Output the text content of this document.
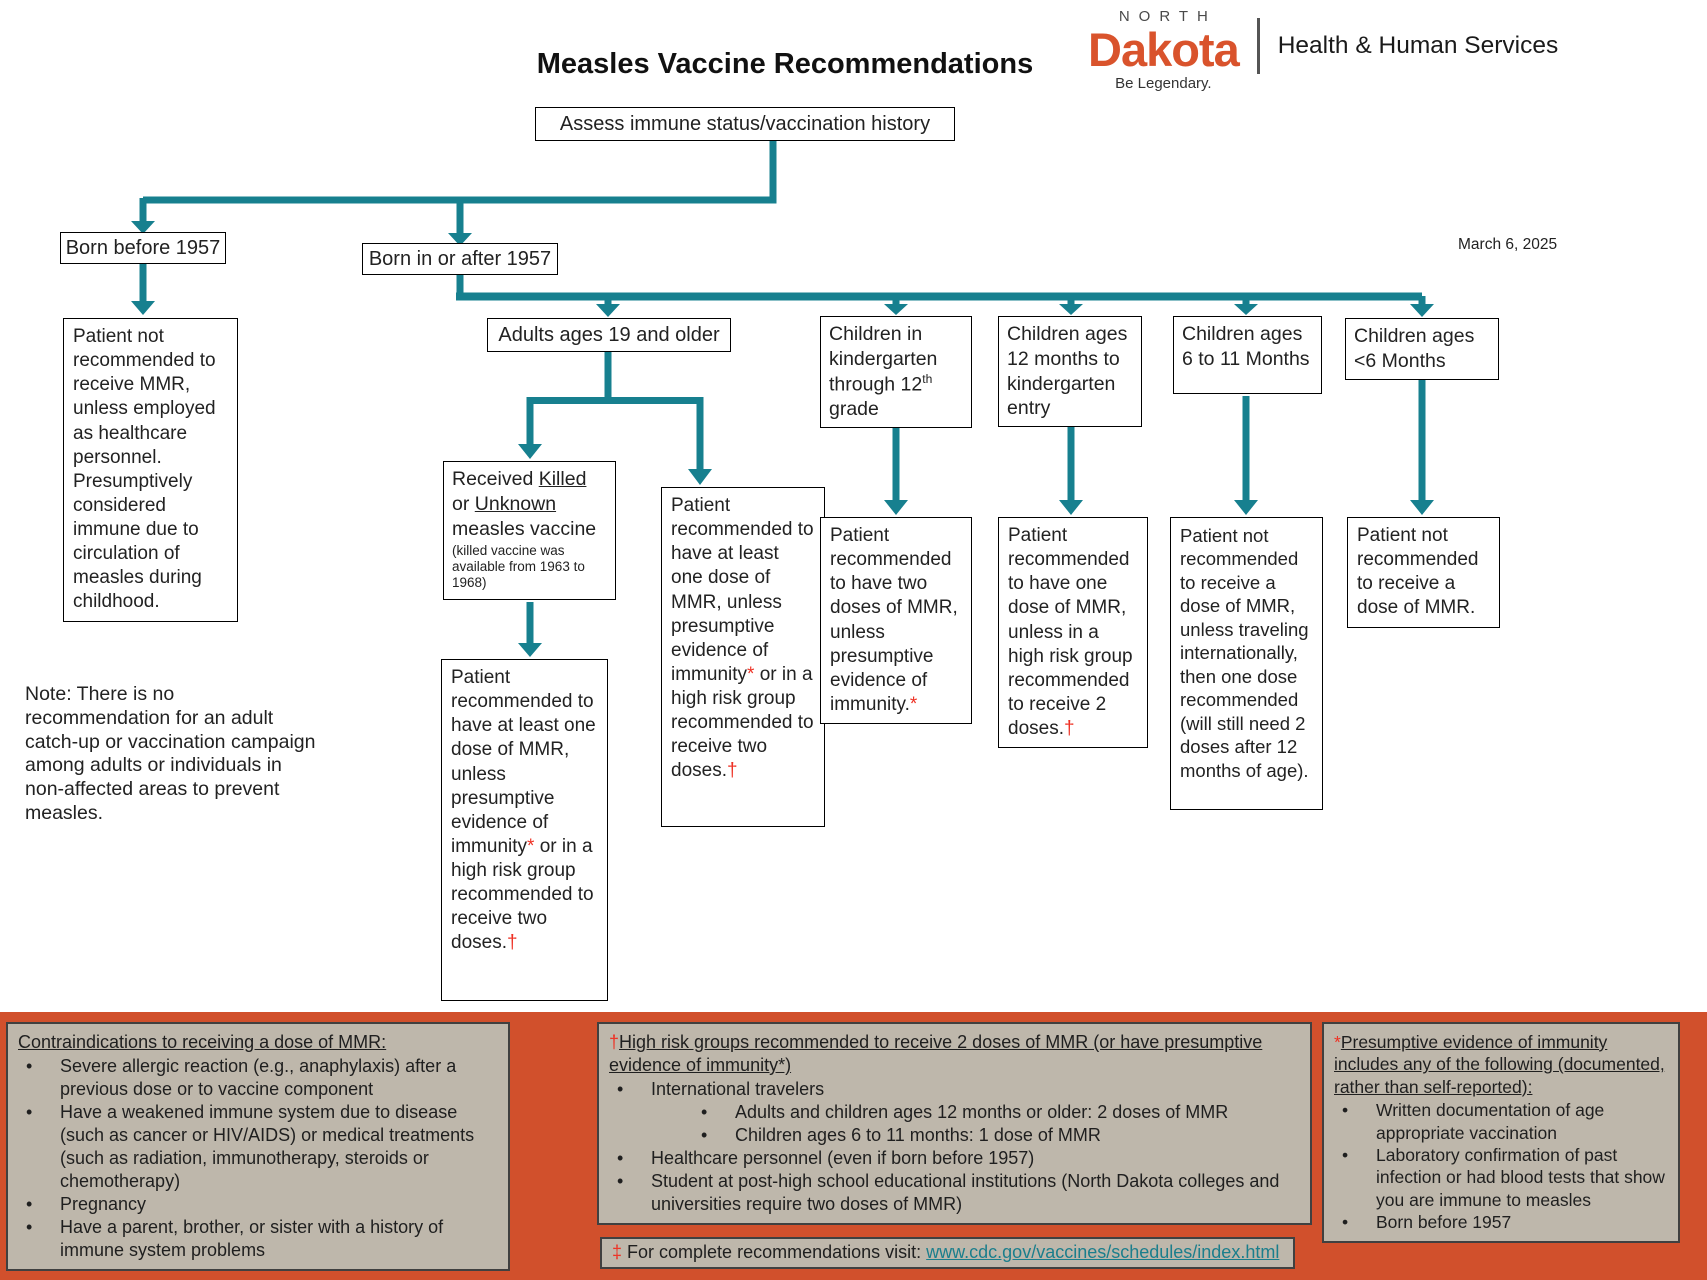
Measles Vaccine Recommendations
NORTH
Dakota
Be Legendary.
Health & Human Services
March 6, 2025
Assess immune status/vaccination history
Born before 1957	Born in or after 1957
Patient not recommended to receive MMR, unless employed as healthcare personnel. Presumptively considered immune due to circulation of measles during childhood.
Adults ages 19 and older	Children in kindergarten through 12th grade
Children ages 12 months to kindergarten entry
Children ages 6 to 11 Months
Children ages <6 Months
Received Killed or Unknown measles vaccine
(killed vaccine was available from 1963 to 1968)
Patient recommended to have at least one dose of MMR, unless presumptive evidence of immunity* or in a high risk group recommended to receive two doses.†
Patient recommended to have at least one dose of MMR, unless presumptive evidence of immunity* or in a high risk group recommended to receive two doses.†
Patient recommended to have two doses of MMR, unless presumptive evidence of immunity.*
Patient recommended to have one dose of MMR, unless in a high risk group recommended to receive 2 doses.†
Patient not recommended to receive a dose of MMR, unless traveling internationally, then one dose recommended (will still need 2 doses after 12 months of age).
Patient not recommended to receive a dose of MMR.
Note: There is no recommendation for an adult catch-up or vaccination campaign among adults or individuals in non-affected areas to prevent measles.
Contraindications to receiving a dose of MMR:
•	Severe allergic reaction (e.g., anaphylaxis) after a previous dose or to vaccine component
•	Have a weakened immune system due to disease (such as cancer or HIV/AIDS) or medical treatments (such as radiation, immunotherapy, steroids or chemotherapy)
•	Pregnancy
•	Have a parent, brother, or sister with a history of immune system problems
†High risk groups recommended to receive 2 doses of MMR (or have presumptive evidence of immunity*)
•	International travelers
•	Adults and children ages 12 months or older: 2 doses of MMR
•	Children ages 6 to 11 months: 1 dose of MMR
•	Healthcare personnel (even if born before 1957)
•	Student at post-high school educational institutions (North Dakota colleges and universities require two doses of MMR)
*Presumptive evidence of immunity includes any of the following (documented, rather than self-reported):
•	Written documentation of age appropriate vaccination
•	Laboratory confirmation of past infection or had blood tests that show you are immune to measles
•	Born before 1957
‡ For complete recommendations visit: www.cdc.gov/vaccines/schedules/index.html
